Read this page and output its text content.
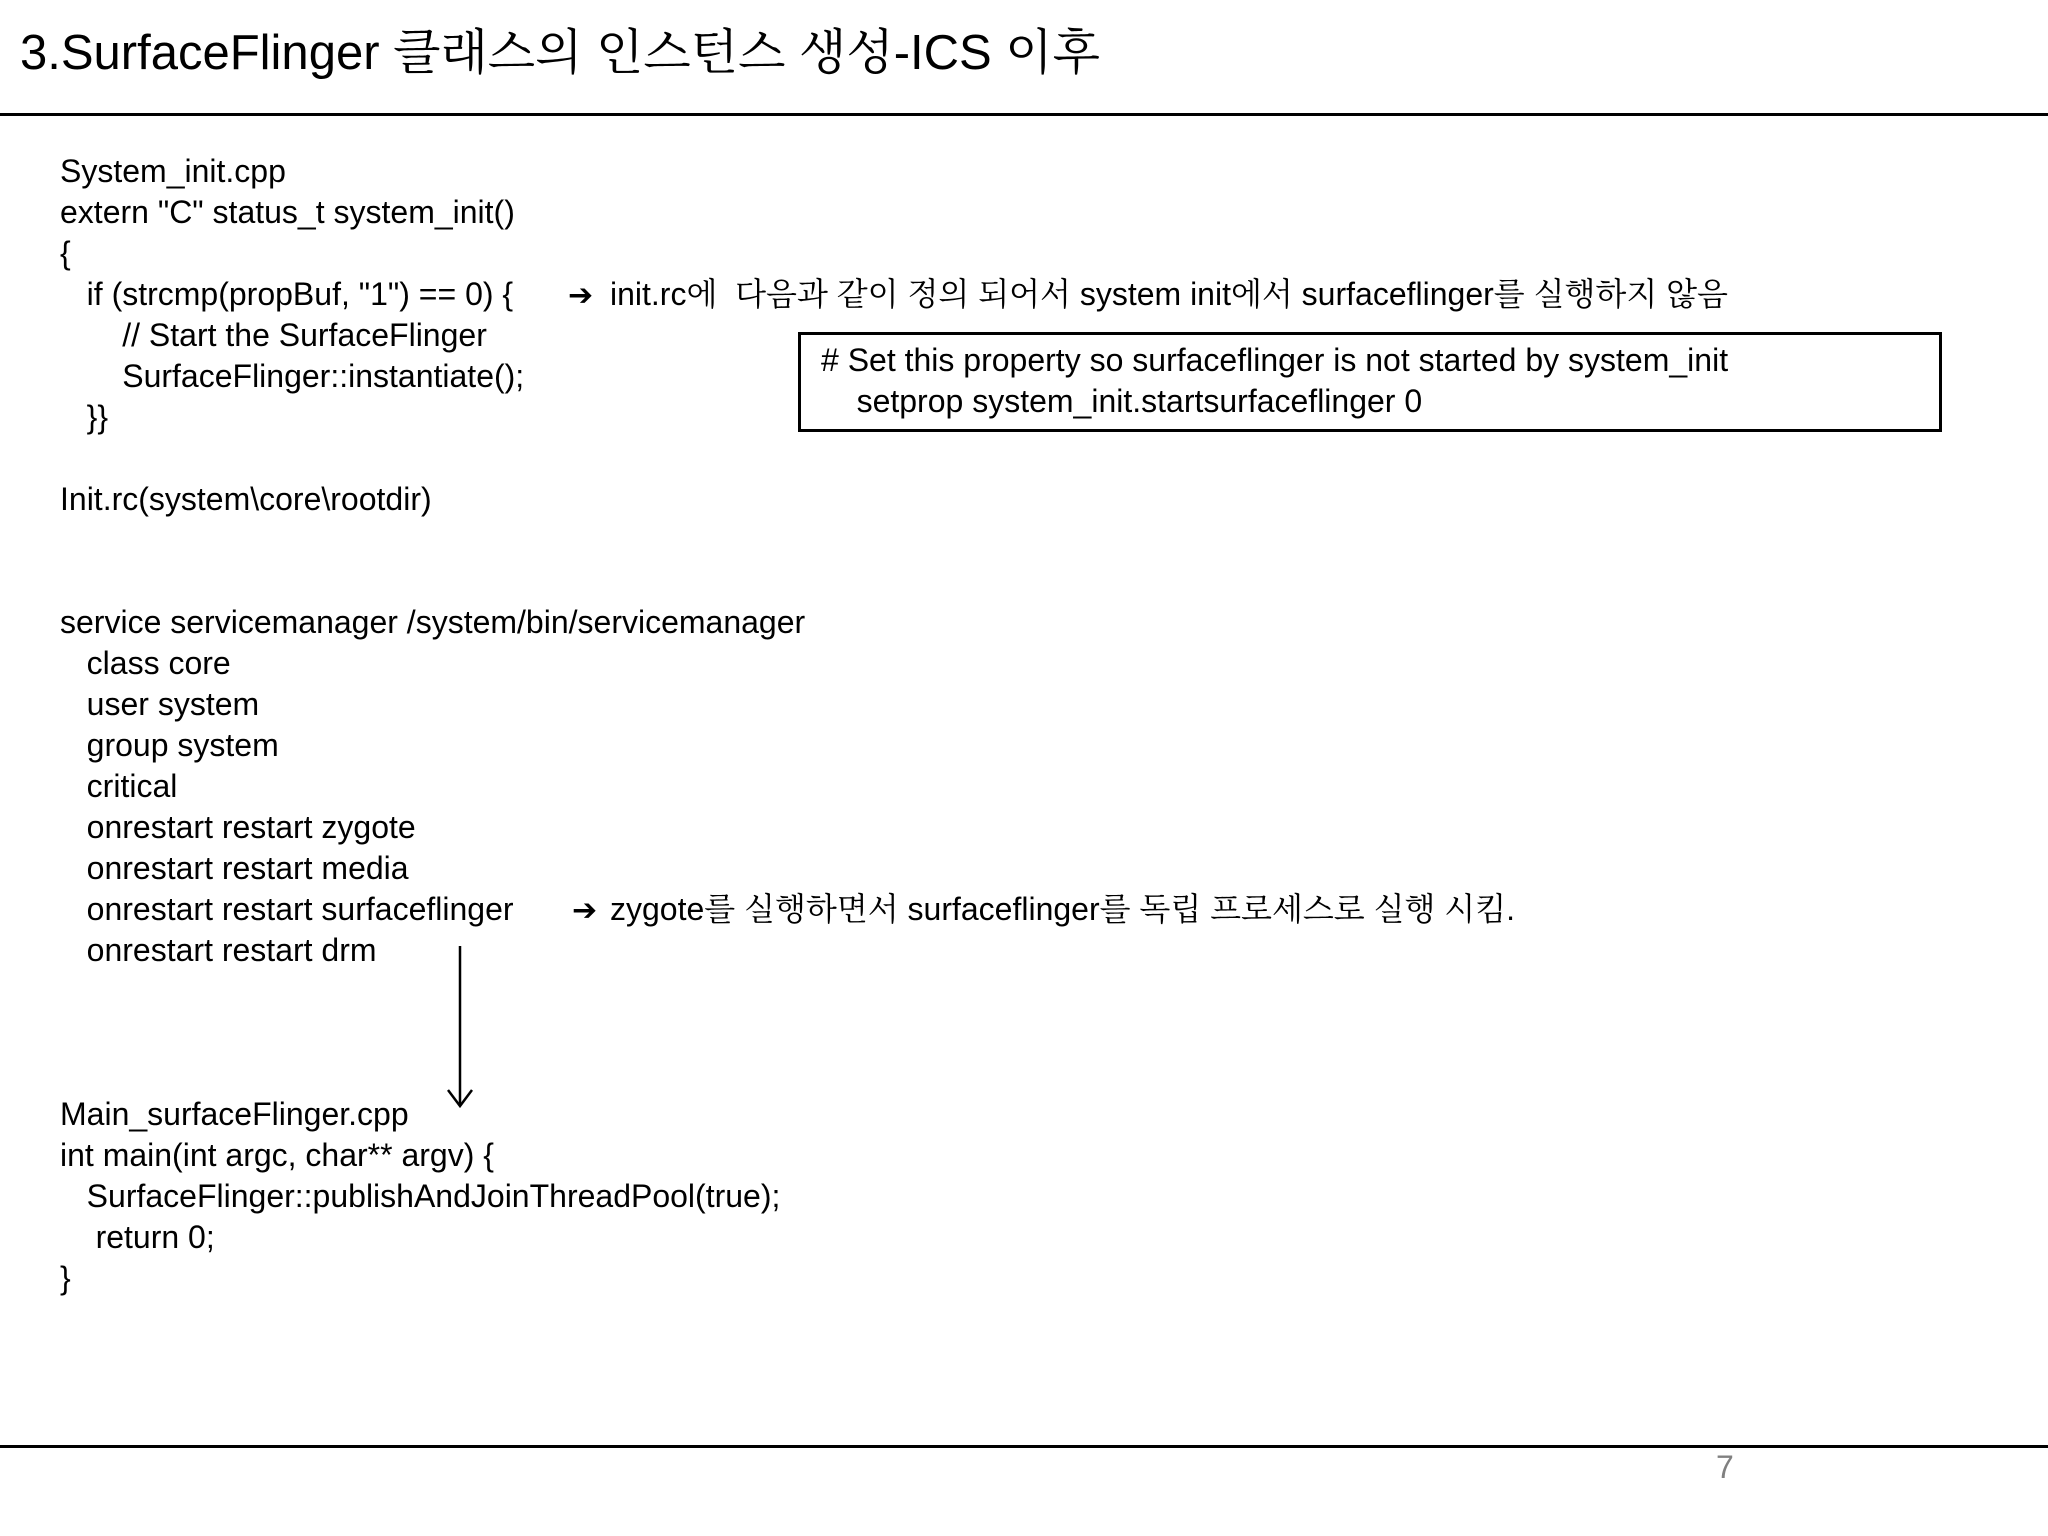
3.SurfaceFlinger 클래스의 인스턴스 생성-ICS 이후
System_init.cpp
extern "C" status_t system_init()
{
if (strcmp(propBuf, "1") == 0) { ➔ init.rc에  다음과 같이 정의 되어서 system init에서 surfaceflinger를 실행하지 않음
// Start the SurfaceFlinger
SurfaceFlinger::instantiate();
}}
# Set this property so surfaceflinger is not started by system_init
setprop system_init.startsurfaceflinger 0
Init.rc(system\core\rootdir)
service servicemanager /system/bin/servicemanager
class core
user system
group system
critical
onrestart restart zygote
onrestart restart media
onrestart restart surfaceflinger ➔ zygote를 실행하면서 surfaceflinger를 독립 프로세스로 실행 시킴.
onrestart restart drm
Main_surfaceFlinger.cpp
int main(int argc, char** argv) {
SurfaceFlinger::publishAndJoinThreadPool(true);
return 0;
}
7
